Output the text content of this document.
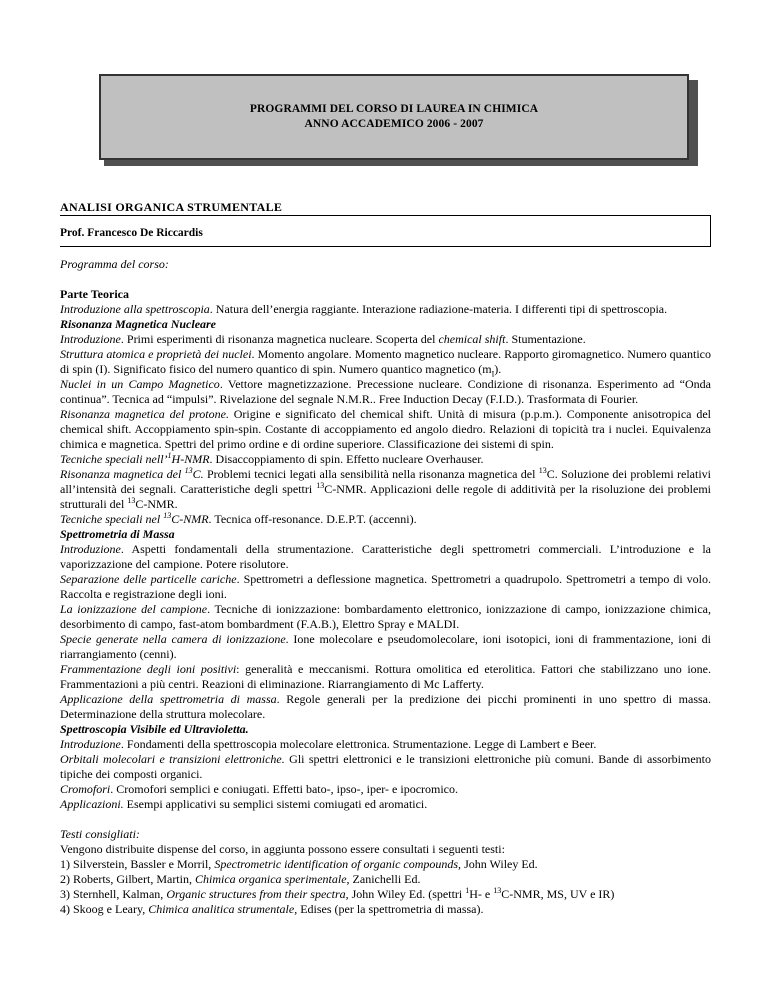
PROGRAMMI DEL CORSO DI LAUREA IN CHIMICA
ANNO ACCADEMICO 2006 - 2007
ANALISI ORGANICA STRUMENTALE
Prof. Francesco De Riccardis

Programma del corso:

Parte Teorica

Introduzione alla spettroscopia. Natura dell’energia raggiante. Interazione radiazione-materia. I differenti tipi di spettroscopia.

Risonanza Magnetica Nucleare

Introduzione. Primi esperimenti di risonanza magnetica nucleare. Scoperta del chemical shift. Stumentazione.

Struttura atomica e proprietà dei nuclei. Momento angolare. Momento magnetico nucleare. Rapporto giromagnetico. Numero quantico di spin (I). Significato fisico del numero quantico di spin. Numero quantico magnetico $(m_I)$.

Nuclei in un Campo Magnetico. Vettore magnetizzazione. Precessione nucleare. Condizione di risonanza. Esperimento ad “Onda continua”. Tecnica ad “impulsi”. Rivelazione del segnale N.M.R.. Free Induction Decay (F.I.D.). Trasformata di Fourier.

Risonanza magnetica del protone. Origine e significato del chemical shift. Unità di misura (p.p.m.). Componente anisotropica del chemical shift. Accoppiamento spin-spin. Costante di accoppiamento ed angolo diedro. Relazioni di topicità tra i nuclei. Equivalenza chimica e magnetica. Spettri del primo ordine e di ordine superiore. Classificazione dei sistemi di spin.

Tecniche speciali nell’$^1$H-NMR. Disaccoppiamento di spin. Effetto nucleare Overhauser.

Risonanza magnetica del $^{13}$C. Problemi tecnici legati alla sensibilità nella risonanza magnetica del $^{13}$C. Soluzione dei problemi relativi all’intensità dei segnali. Caratteristiche degli spettri $^{13}$C-NMR. Applicazioni delle regole di additività per la risoluzione dei problemi strutturali del $^{13}$C-NMR.

Tecniche speciali nel $^{13}$C-NMR. Tecnica off-resonance. D.E.P.T. (accenni).

Spettrometria di Massa

Introduzione. Aspetti fondamentali della strumentazione. Caratteristiche degli spettrometri commerciali. L’introduzione e la vaporizzazione del campione. Potere risolutore.

Separazione delle particelle cariche. Spettrometri a deflessione magnetica. Spettrometri a quadrupolo. Spettrometri a tempo di volo. Raccolta e registrazione degli ioni.

La ionizzazione del campione. Tecniche di ionizzazione: bombardamento elettronico, ionizzazione di campo, ionizzazione chimica, desorbimento di campo, fast-atom bombardment (F.A.B.), Elettro Spray e MALDI.

Specie generate nella camera di ionizzazione. Ione molecolare e pseudomolecolare, ioni isotopici, ioni di frammentazione, ioni di riarrangiamento (cenni).

Frammentazione degli ioni positivi: generalità e meccanismi. Rottura omolitica ed eterolitica. Fattori che stabilizzano uno ione. Frammentazioni a più centri. Reazioni di eliminazione. Riarrangiamento di Mc Lafferty.

Applicazione della spettrometria di massa. Regole generali per la predizione dei picchi prominenti in uno spettro di massa. Determinazione della struttura molecolare.

Spettroscopia Visibile ed Ultravioletta.

Introduzione. Fondamenti della spettroscopia molecolare elettronica. Strumentazione. Legge di Lambert e Beer.

Orbitali molecolari e transizioni elettroniche. Gli spettri elettronici e le transizioni elettroniche più comuni. Bande di assorbimento tipiche dei composti organici.

Cromofori. Cromofori semplici e coniugati. Effetti bato-, ipso-, iper- e ipocromico.

Applicazioni. Esempi applicativi su semplici sistemi comiugati ed aromatici.

Testi consigliati:

Vengono distribuite dispense del corso, in aggiunta possono essere consultati i seguenti testi:

1) Silverstein, Bassler e Morril, Spectrometric identification of organic compounds, John Wiley Ed.

2) Roberts, Gilbert, Martin, Chimica organica sperimentale, Zanichelli Ed.

3) Sternhell, Kalman, Organic structures from their spectra, John Wiley Ed. (spettri $^1$H- e $^{13}$C-NMR, MS, UV e IR)

4) Skoog e Leary, Chimica analitica strumentale, Edises (per la spettrometria di massa).
